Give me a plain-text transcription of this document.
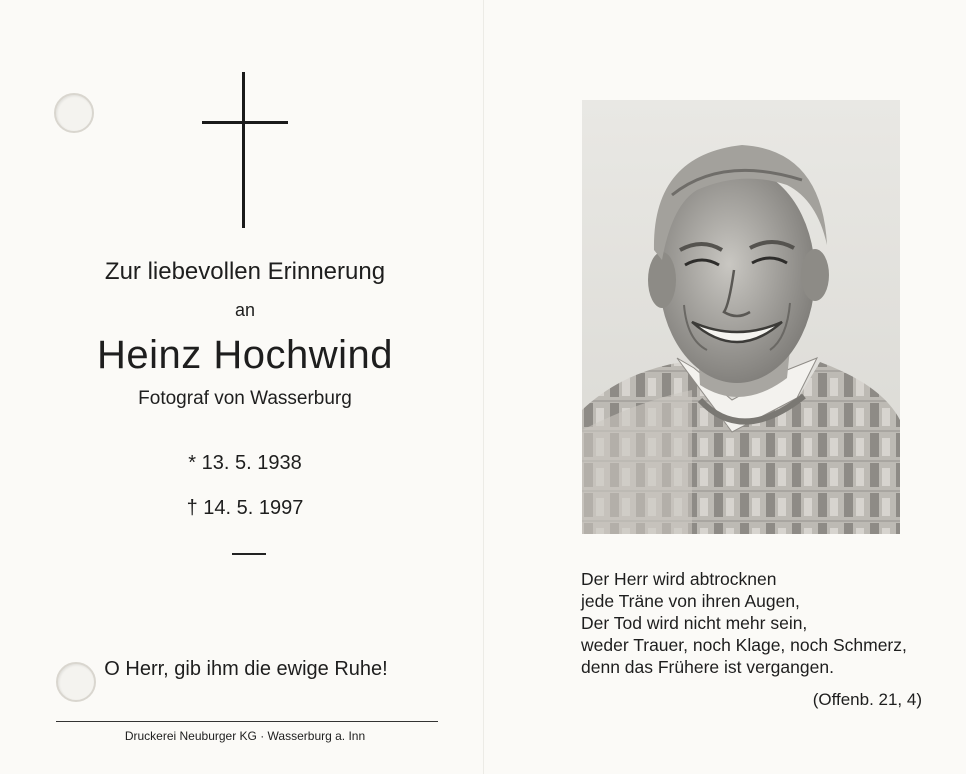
Zur liebevollen Erinnerung
an
Heinz Hochwind
Fotograf von Wasserburg
* 13. 5. 1938
† 14. 5. 1997
O Herr, gib ihm die ewige Ruhe!
Druckerei Neuburger KG · Wasserburg a. Inn
Der Herr wird abtrocknen
jede Träne von ihren Augen,
Der Tod wird nicht mehr sein,
weder Trauer, noch Klage, noch Schmerz,
denn das Frühere ist vergangen.
(Offenb. 21, 4)
